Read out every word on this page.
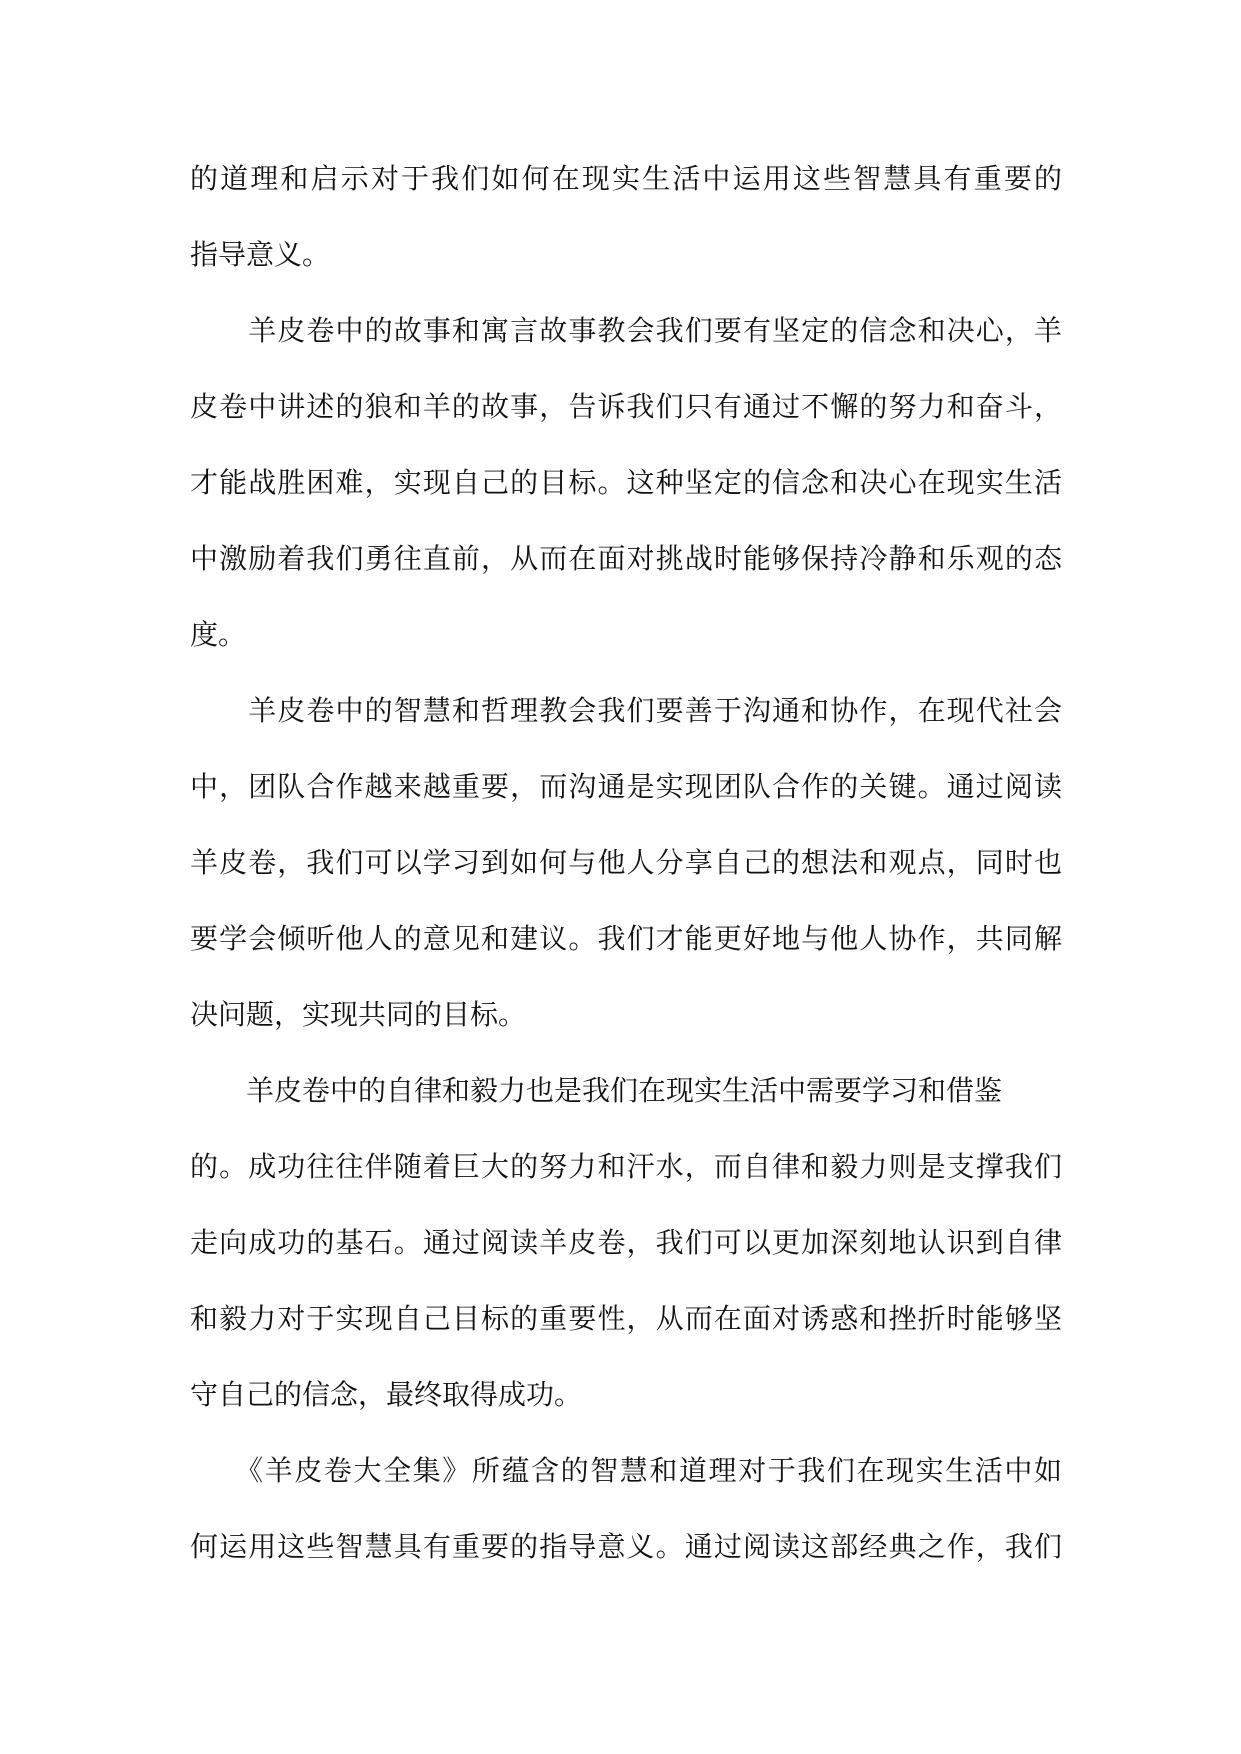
的道理和启示对于我们如何在现实生活中运用这些智慧具有重要的
指导意义。
　　羊皮卷中的故事和寓言故事教会我们要有坚定的信念和决心，羊
皮卷中讲述的狼和羊的故事，告诉我们只有通过不懈的努力和奋斗，
才能战胜困难，实现自己的目标。这种坚定的信念和决心在现实生活
中激励着我们勇往直前，从而在面对挑战时能够保持冷静和乐观的态
度。
　　羊皮卷中的智慧和哲理教会我们要善于沟通和协作，在现代社会
中，团队合作越来越重要，而沟通是实现团队合作的关键。通过阅读
羊皮卷，我们可以学习到如何与他人分享自己的想法和观点，同时也
要学会倾听他人的意见和建议。我们才能更好地与他人协作，共同解
决问题，实现共同的目标。
　　羊皮卷中的自律和毅力也是我们在现实生活中需要学习和借鉴
的。成功往往伴随着巨大的努力和汗水，而自律和毅力则是支撑我们
走向成功的基石。通过阅读羊皮卷，我们可以更加深刻地认识到自律
和毅力对于实现自己目标的重要性，从而在面对诱惑和挫折时能够坚
守自己的信念，最终取得成功。
　　《羊皮卷大全集》所蕴含的智慧和道理对于我们在现实生活中如
何运用这些智慧具有重要的指导意义。通过阅读这部经典之作，我们
